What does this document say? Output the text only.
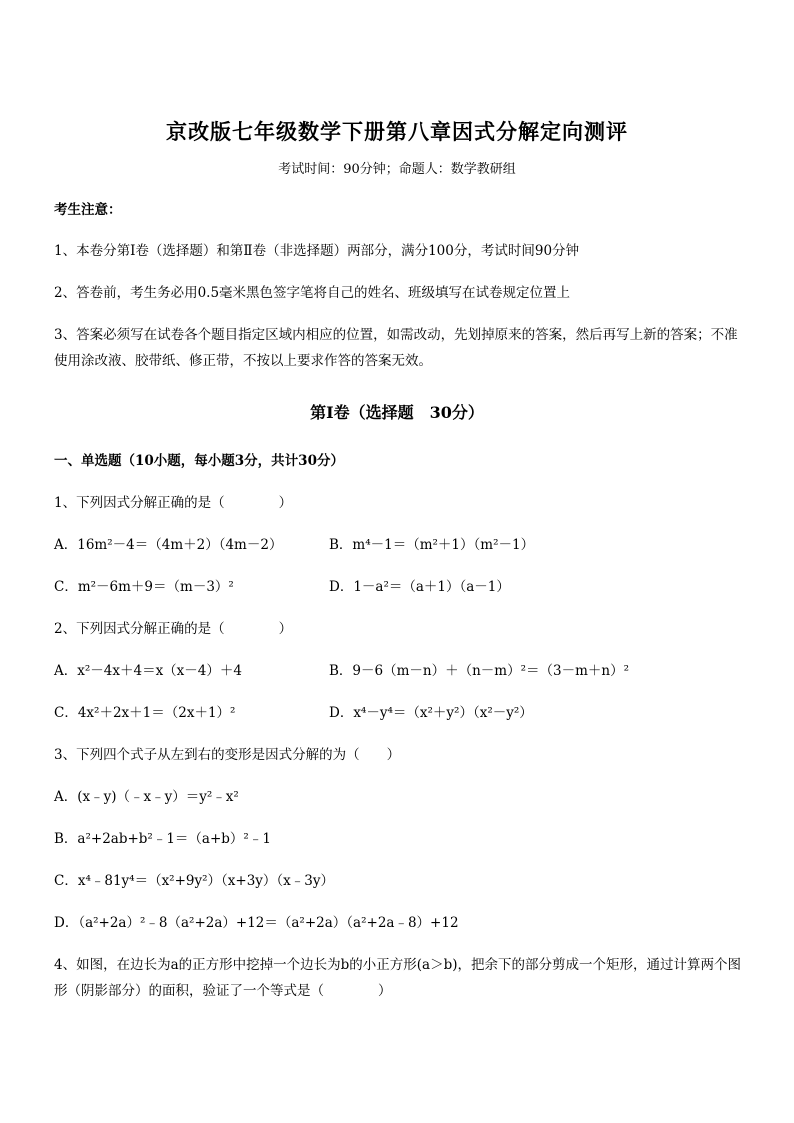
京改版七年级数学下册第八章因式分解定向测评
考试时间：90分钟；命题人：数学教研组
考生注意：
1、本卷分第Ⅰ卷（选择题）和第Ⅱ卷（非选择题）两部分，满分100分，考试时间90分钟
2、答卷前，考生务必用0.5毫米黑色签字笔将自己的姓名、班级填写在试卷规定位置上
3、答案必须写在试卷各个题目指定区域内相应的位置，如需改动，先划掉原来的答案，然后再写上新的答案；不准使用涂改液、胶带纸、修正带，不按以上要求作答的答案无效。
第Ⅰ卷（选择题　30分）
一、单选题（10小题，每小题3分，共计30分）
1、下列因式分解正确的是（　　　　）
A．16m²－4＝（4m＋2）（4m－2）	B．m⁴－1＝（m²＋1）（m²－1）
C．m²－6m＋9＝（m－3）²	D．1－a²＝（a＋1）（a－1）
2、下列因式分解正确的是（　　　　）
A．x²－4x＋4＝x（x－4）＋4	B．9－6（m－n）＋（n－m）²＝（3－m＋n）²
C．4x²＋2x＋1＝（2x＋1）²	D．x⁴－y⁴＝（x²＋y²）（x²－y²）
3、下列四个式子从左到右的变形是因式分解的为（　　）
A．(x﹣y)（﹣x﹣y）＝y²﹣x²
B．a²+2ab+b²﹣1＝（a+b）²﹣1
C．x⁴﹣81y⁴＝（x²+9y²）（x+3y）（x﹣3y）
D．（a²+2a）²﹣8（a²+2a）+12＝（a²+2a）（a²+2a﹣8）+12
4、如图，在边长为a的正方形中挖掉一个边长为b的小正方形(a＞b)，把余下的部分剪成一个矩形，通过计算两个图形（阴影部分）的面积，验证了一个等式是（　　　　）
